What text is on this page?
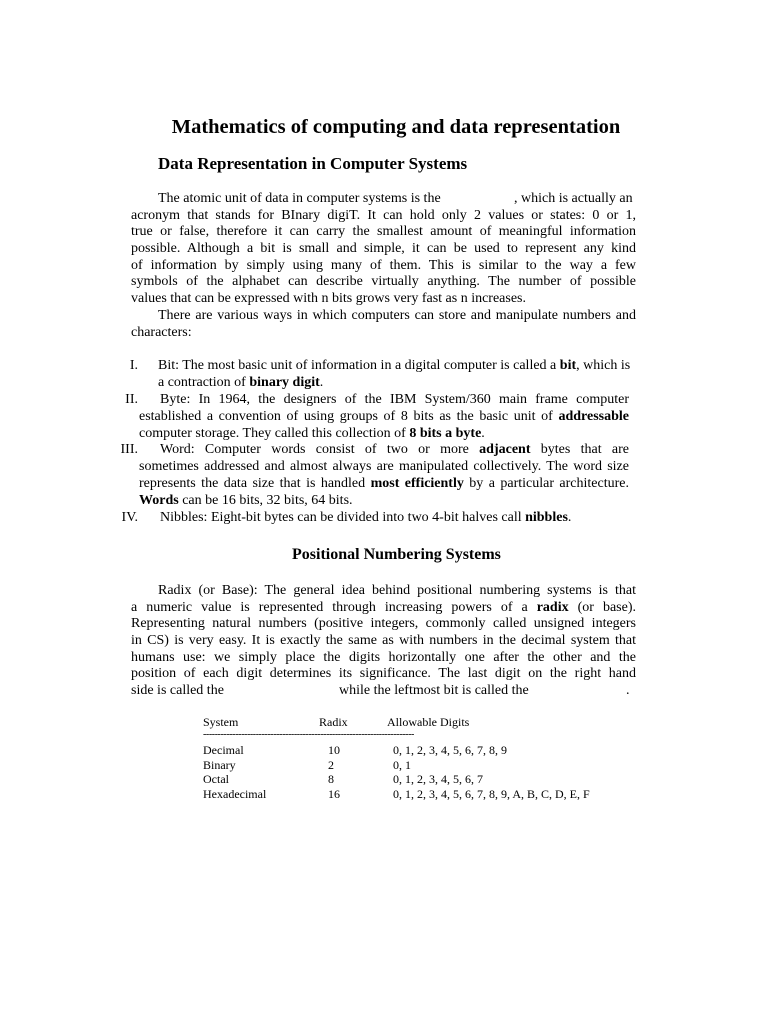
Mathematics of computing and data representation
Data Representation in Computer Systems
The atomic unit of data in computer systems is the	, which is actually an
acronym that stands for BInary digiT. It can hold only 2 values or states: 0 or 1,
true or false, therefore it can carry the smallest amount of meaningful information
possible. Although a bit is small and simple, it can be used to represent any kind
of information by simply using many of them. This is similar to the way a few
symbols of the alphabet can describe virtually anything. The number of possible
values that can be expressed with n bits grows very fast as n increases.
There are various ways in which computers can store and manipulate numbers and
characters:
I. Bit: The most basic unit of information in a digital computer is called a bit, which is
a contraction of binary digit.
II. Byte: In 1964, the designers of the IBM System/360 main frame computer
established a convention of using groups of 8 bits as the basic unit of addressable
computer storage. They called this collection of 8 bits a byte.
III. Word: Computer words consist of two or more adjacent bytes that are
sometimes addressed and almost always are manipulated collectively. The word size
represents the data size that is handled most efficiently by a particular architecture.
Words can be 16 bits, 32 bits, 64 bits.
IV. Nibbles: Eight-bit bytes can be divided into two 4-bit halves call nibbles.
Positional Numbering Systems
Radix (or Base): The general idea behind positional numbering systems is that
a numeric value is represented through increasing powers of a radix (or base).
Representing natural numbers (positive integers, commonly called unsigned integers
in CS) is very easy. It is exactly the same as with numbers in the decimal system that
humans use: we simply place the digits horizontally one after the other and the
position of each digit determines its significance. The last digit on the right hand
side is called the	while the leftmost bit is called the	.
System	Radix	Allowable Digits
------------------------------------------------------------------------
Decimal	10	0, 1, 2, 3, 4, 5, 6, 7, 8, 9
Binary	2	0, 1
Octal	8	0, 1, 2, 3, 4, 5, 6, 7
Hexadecimal	16	0, 1, 2, 3, 4, 5, 6, 7, 8, 9, A, B, C, D, E, F
